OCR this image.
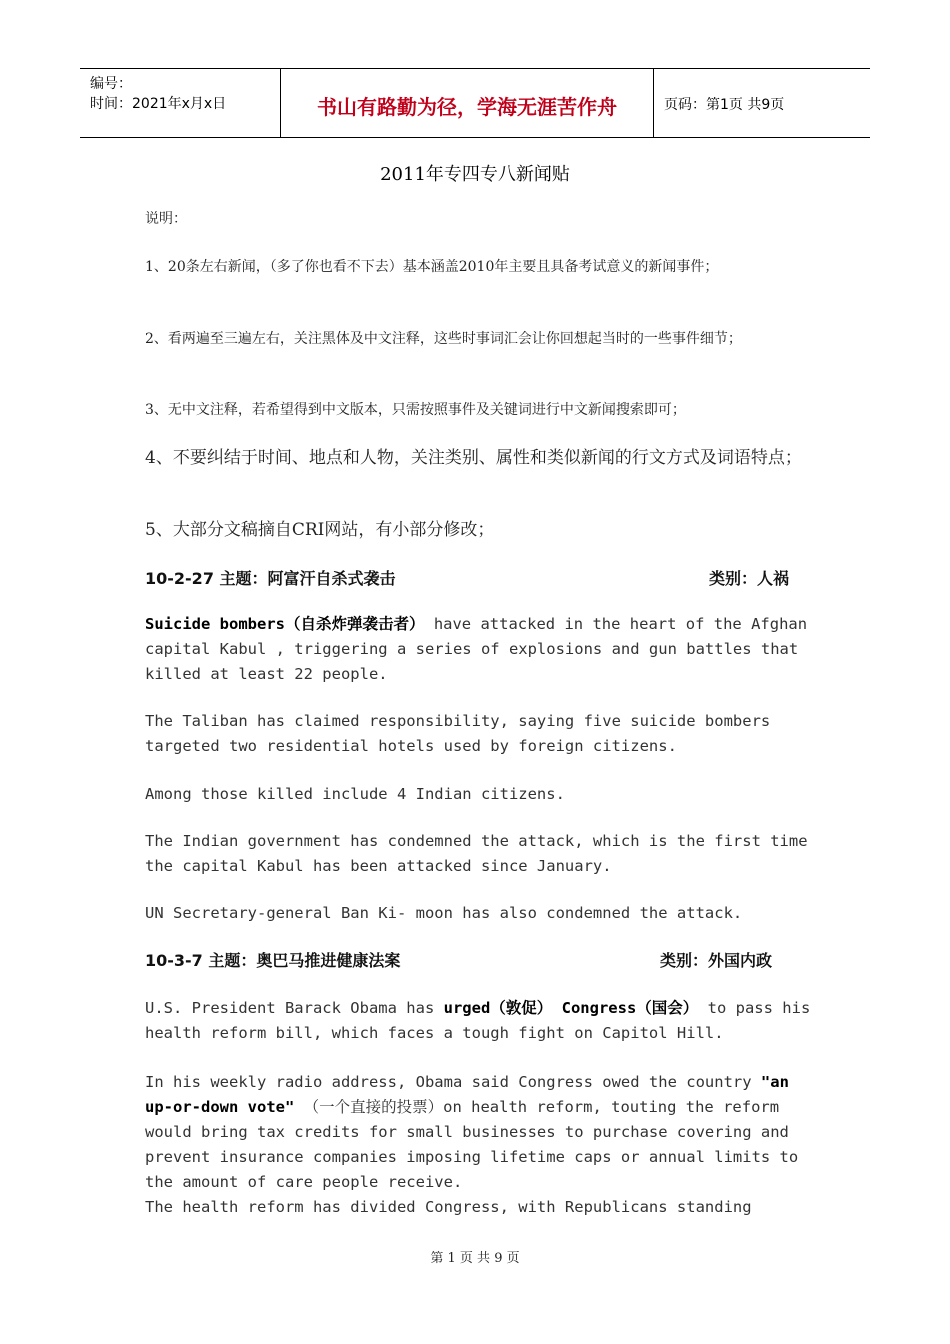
编号：
时间：2021年x月x日	书山有路勤为径，学海无涯苦作舟	页码：第1页 共9页
2011年专四专八新闻贴
说明：
1、20条左右新闻，（多了你也看不下去）基本涵盖2010年主要且具备考试意义的新闻事件；
2、看两遍至三遍左右，关注黑体及中文注释，这些时事词汇会让你回想起当时的一些事件细节；
3、无中文注释，若希望得到中文版本，只需按照事件及关键词进行中文新闻搜索即可；
4、不要纠结于时间、地点和人物，关注类别、属性和类似新闻的行文方式及词语特点；
5、大部分文稿摘自CRI网站，有小部分修改；
10-2-27 主题：阿富汗自杀式袭击	类别：人祸
Suicide bombers（自杀炸弹袭击者） have attacked in the heart of the Afghan capital Kabul , triggering a series of explosions and gun battles that killed at least 22 people.
The Taliban has claimed responsibility, saying five suicide bombers targeted two residential hotels used by foreign citizens.
Among those killed include 4 Indian citizens.
The Indian government has condemned the attack, which is the first time the capital Kabul has been attacked since January.
UN Secretary-general Ban Ki- moon has also condemned the attack.
10-3-7 主题：奥巴马推进健康法案	类别：外国内政
U.S. President Barack Obama has urged（敦促） Congress（国会） to pass his health reform bill, which faces a tough fight on Capitol Hill.
In his weekly radio address, Obama said Congress owed the country "an up-or-down vote" （一个直接的投票）on health reform, touting the reform would bring tax credits for small businesses to purchase covering and prevent insurance companies imposing lifetime caps or annual limits to the amount of care people receive.
The health reform has divided Congress, with Republicans standing
第 1 页 共 9 页
